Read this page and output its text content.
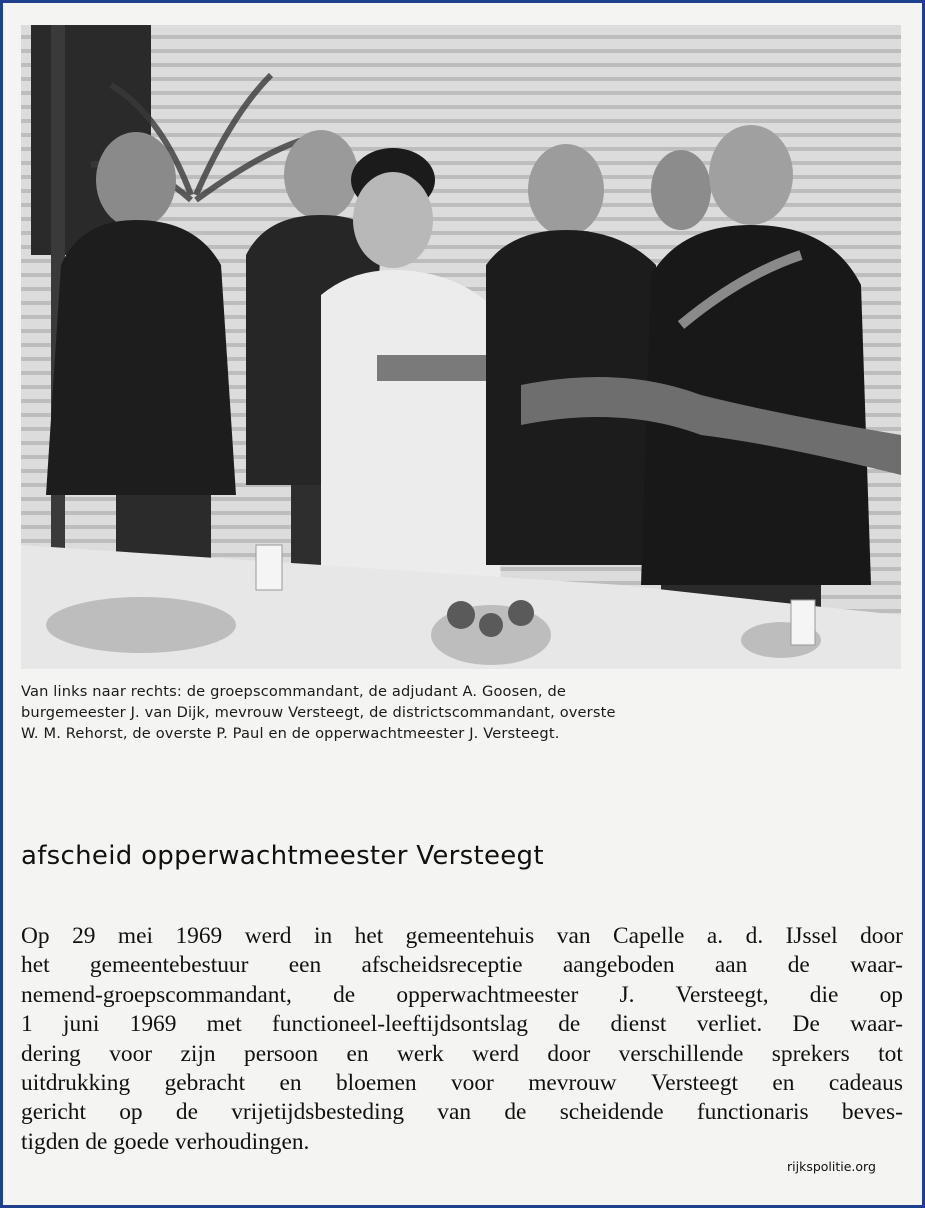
Van links naar rechts: de groepscommandant, de adjudant A. Goosen, de
burgemeester J. van Dijk, mevrouw Versteegt, de districtscommandant, overste
W. M. Rehorst, de overste P. Paul en de opperwachtmeester J. Versteegt.
afscheid opperwachtmeester Versteegt
Op 29 mei 1969 werd in het gemeentehuis van Capelle a. d. IJssel door
het gemeentebestuur een afscheidsreceptie aangeboden aan de waar-
nemend-groepscommandant, de opperwachtmeester J. Versteegt, die op
1 juni 1969 met functioneel-leeftijdsontslag de dienst verliet. De waar-
dering voor zijn persoon en werk werd door verschillende sprekers tot
uitdrukking gebracht en bloemen voor mevrouw Versteegt en cadeaus
gericht op de vrijetijdsbesteding van de scheidende functionaris beves-
tigden de goede verhoudingen.
rijkspolitie.org
